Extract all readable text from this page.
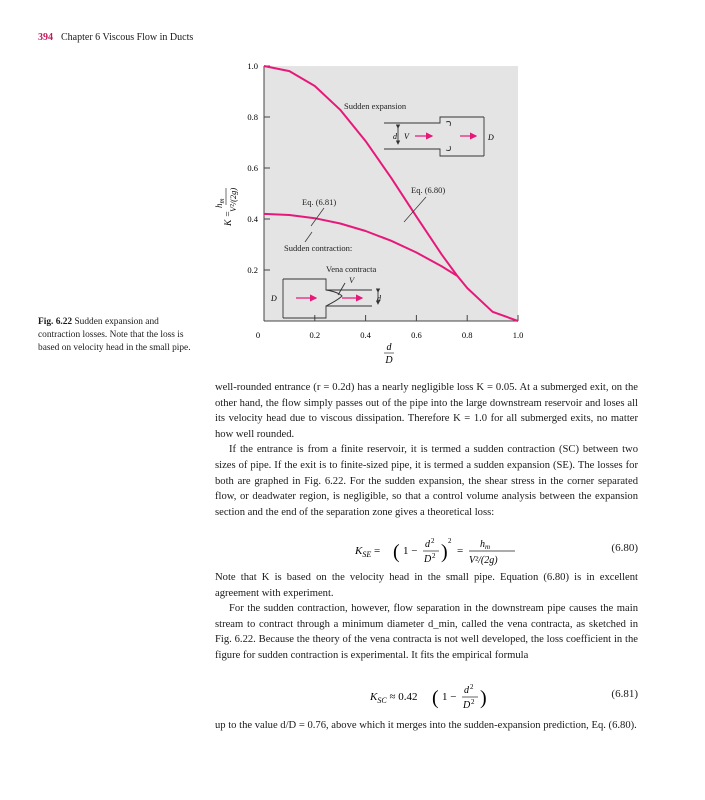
394 Chapter 6 Viscous Flow in Ducts
0	0.2	0.4	0.6	0.8	1.0
0.2
0.4
0.6
0.8
1.0
K =
$h_m$ V²/(2g)
d
D
Sudden expansion
Eq. (6.80)
Eq. (6.81)
Sudden contraction:
Vena contracta
V
d V	D
D	d
Fig. 6.22 Sudden expansion and contraction losses. Note that the loss is based on velocity head in the small pipe.

well-rounded entrance (r = 0.2d) has a nearly negligible loss K = 0.05. At a submerged exit, on the other hand, the flow simply passes out of the pipe into the large downstream reservoir and loses all its velocity head due to viscous dissipation. Therefore K = 1.0 for all submerged exits, no matter how well rounded.

If the entrance is from a finite reservoir, it is termed a sudden contraction (SC) between two sizes of pipe. If the exit is to finite-sized pipe, it is termed a sudden expansion (SE). The losses for both are graphed in Fig. 6.22. For the sudden expansion, the shear stress in the corner separated flow, or deadwater region, is negligible, so that a control volume analysis between the expansion section and the end of the separation zone gives a theoretical loss:

$K_{SE}$ = ( 1 −
d 2
D 2 ) 2
=
$h_m$
V²/(2g)
(6.80)

Note that K is based on the velocity head in the small pipe. Equation (6.80) is in excellent agreement with experiment.

For the sudden contraction, however, flow separation in the downstream pipe causes the main stream to contract through a minimum diameter d_min, called the vena contracta, as sketched in Fig. 6.22. Because the theory of the vena contracta is not well developed, the loss coefficient in the figure for sudden contraction is experimental. It fits the empirical formula

$K_{SC} \approx 0.42$ ( 1 −
d 2
D 2 )	(6.81)

up to the value d/D = 0.76, above which it merges into the sudden-expansion prediction, Eq. (6.80).
